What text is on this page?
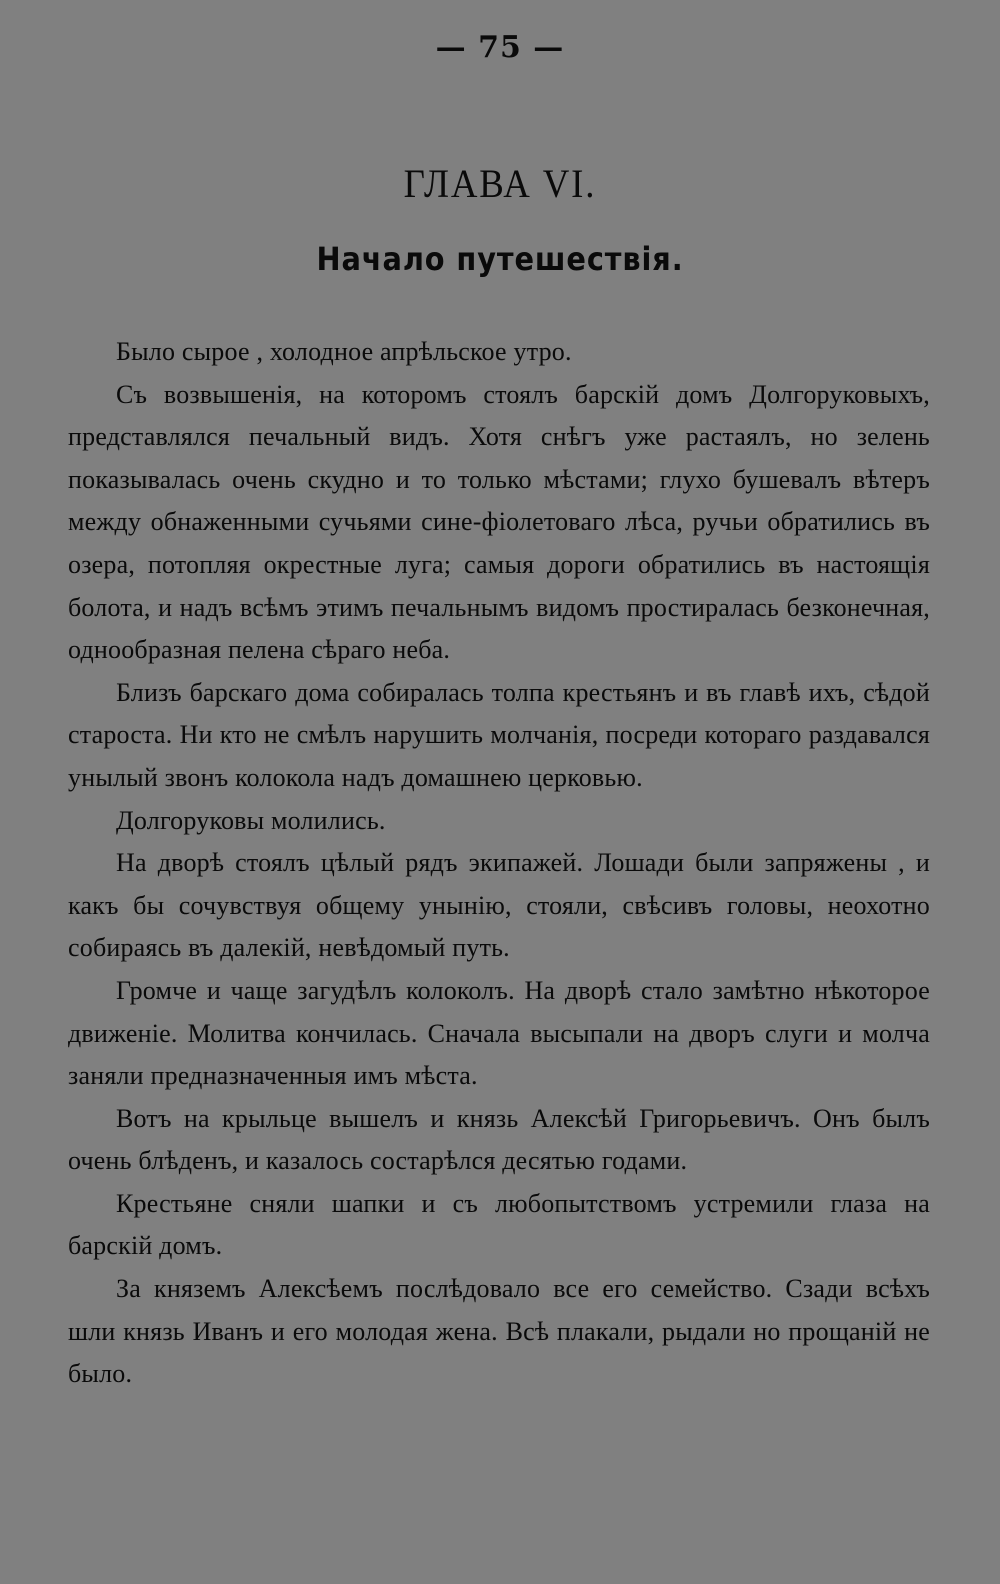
— 75 —
ГЛАВА VI.
Начало путешествія.

Было сырое , холодное апрѣльское утро.

Съ возвышенія, на которомъ стоялъ барскій домъ Долгоруковыхъ, представлялся печальный видъ. Хотя снѣгъ уже растаялъ, но зелень показывалась очень скудно и то только мѣстами; глухо бушевалъ вѣтеръ между обнаженными сучьями сине-фіолетоваго лѣса, ручьи обратились въ озера, потопляя окрестные луга; самыя дороги обратились въ настоящія болота, и надъ всѣмъ этимъ печальнымъ видомъ простиралась безконечная, однообразная пелена сѣраго неба.

Близъ барскаго дома собиралась толпа крестьянъ и въ главѣ ихъ, сѣдой староста. Ни кто не смѣлъ нарушить молчанія, посреди котораго раздавался унылый звонъ колокола надъ домашнею церковью.

Долгоруковы молились.

На дворѣ стоялъ цѣлый рядъ экипажей. Лошади были запряжены , и какъ бы сочувствуя общему унынію, стояли, свѣсивъ головы, неохотно собираясь въ далекій, невѣдомый путь.

Громче и чаще загудѣлъ колоколъ. На дворѣ стало замѣтно нѣкоторое движеніе. Молитва кончилась. Сначала высыпали на дворъ слуги и молча заняли предназначенныя имъ мѣста.

Вотъ на крыльце вышелъ и князь Алексѣй Григорьевичъ. Онъ былъ очень блѣденъ, и казалось состарѣлся десятью годами.

Крестьяне сняли шапки и съ любопытствомъ устремили глаза на барскій домъ.

За княземъ Алексѣемъ послѣдовало все его семейство. Сзади всѣхъ шли князь Иванъ и его молодая жена. Всѣ плакали, рыдали но прощаній не было.
